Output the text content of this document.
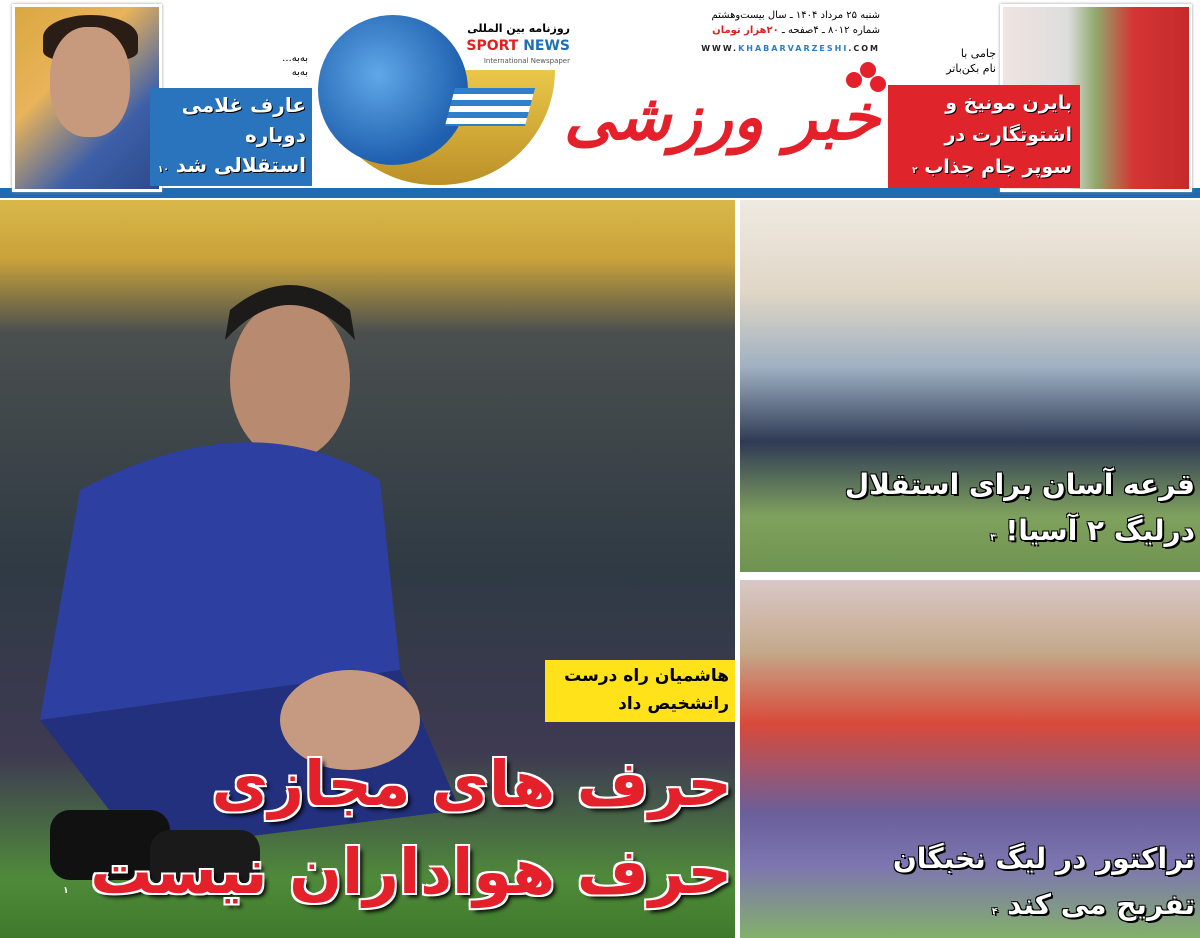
به‌به...
به‌به
عارف غلامی
دوباره
استقلالی شد ۱۰
روزنامه بین المللی
SPORT NEWS
International Newspaper
شنبه ۲۵ مرداد ۱۴۰۴ ـ سال بیست‌وهشتم
شماره ۸۰۱۲ ـ ۴صفحه ـ ۲۰هزار تومان
WWW.KHABARVARZESHI.COM
خبر ورزشی
جامی با
نام بکن‌باتر
بایرن مونیخ و
اشتوتگارت در
سوپر جام جذاب ۲
هاشمیان راه درست
راتشخیص داد
حرف های مجازی
حرف هواداران نیست ۱
قرعه آسان برای استقلال
درلیگ ۲ آسیا! ۳
تراکتور در لیگ نخبگان
تفریح می کند ۴
